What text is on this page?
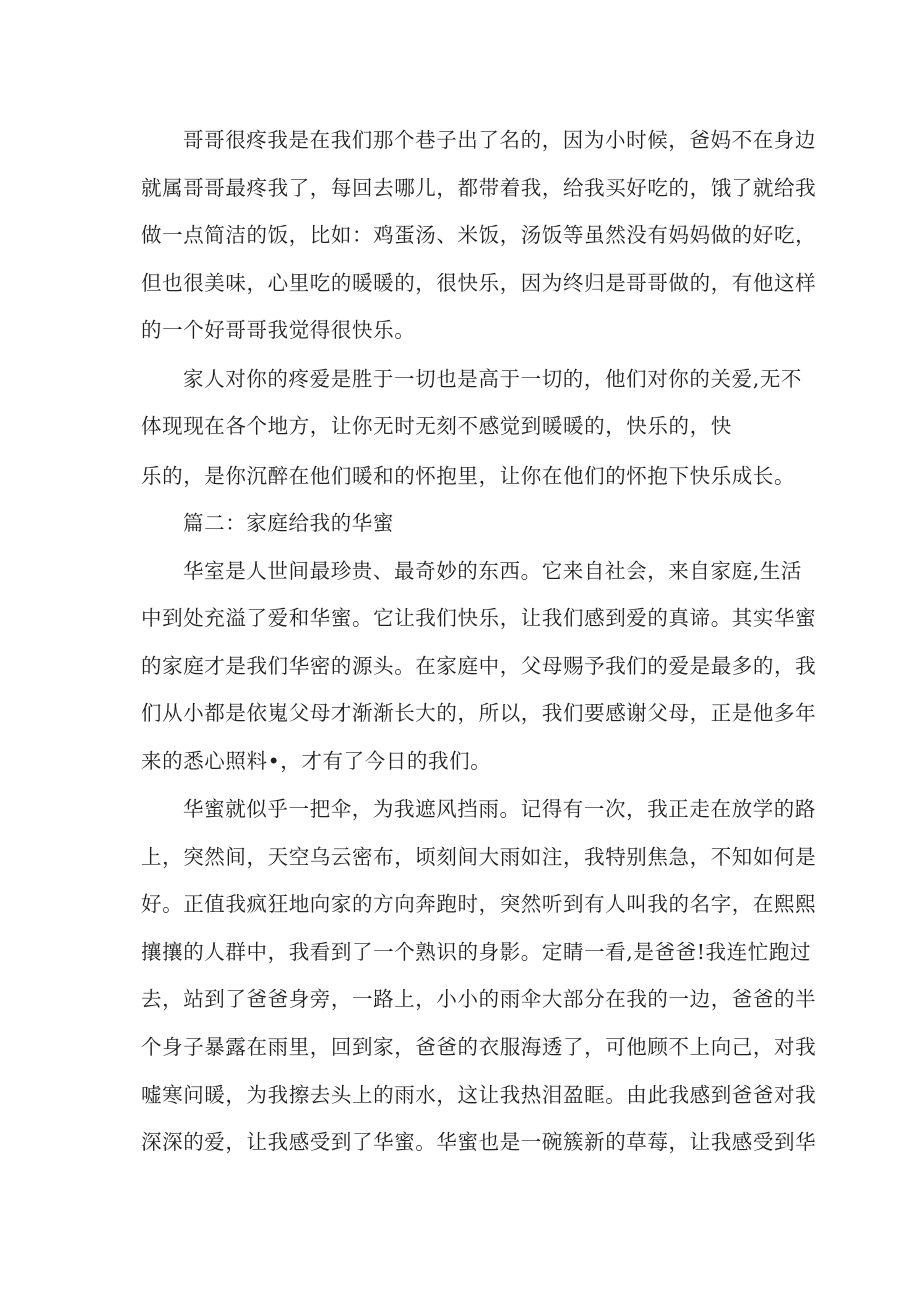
哥哥很疼我是在我们那个巷子出了名的，因为小时候，爸妈不在身边
就属哥哥最疼我了，每回去哪儿，都带着我，给我买好吃的，饿了就给我
做一点简洁的饭，比如：鸡蛋汤、米饭，汤饭等虽然没有妈妈做的好吃，
但也很美味，心里吃的暖暖的，很快乐，因为终归是哥哥做的，有他这样
的一个好哥哥我觉得很快乐。
家人对你的疼爱是胜于一切也是高于一切的，他们对你的关爱,无不
体现现在各个地方，让你无时无刻不感觉到暖暖的，快乐的，快
乐的，是你沉醉在他们暖和的怀抱里，让你在他们的怀抱下快乐成长。
篇二：家庭给我的华蜜
华室是人世间最珍贵、最奇妙的东西。它来自社会，来自家庭,生活
中到处充溢了爱和华蜜。它让我们快乐，让我们感到爱的真谛。其实华蜜
的家庭才是我们华密的源头。在家庭中，父母赐予我们的爱是最多的，我
们从小都是依嵬父母才渐渐长大的，所以，我们要感谢父母，正是他多年
来的悉心照料•，才有了今日的我们。
华蜜就似乎一把伞，为我遮风挡雨。记得有一次，我正走在放学的路
上，突然间，天空乌云密布，顷刻间大雨如注，我特别焦急，不知如何是
好。正值我疯狂地向家的方向奔跑时，突然听到有人叫我的名字，在熙熙
攘攘的人群中，我看到了一个熟识的身影。定睛一看,是爸爸!我连忙跑过
去，站到了爸爸身旁，一路上，小小的雨伞大部分在我的一边，爸爸的半
个身子暴露在雨里，回到家，爸爸的衣服海透了，可他顾不上向己，对我
嘘寒问暖，为我擦去头上的雨水，这让我热泪盈眶。由此我感到爸爸对我
深深的爱，让我感受到了华蜜。华蜜也是一碗簇新的草莓，让我感受到华
